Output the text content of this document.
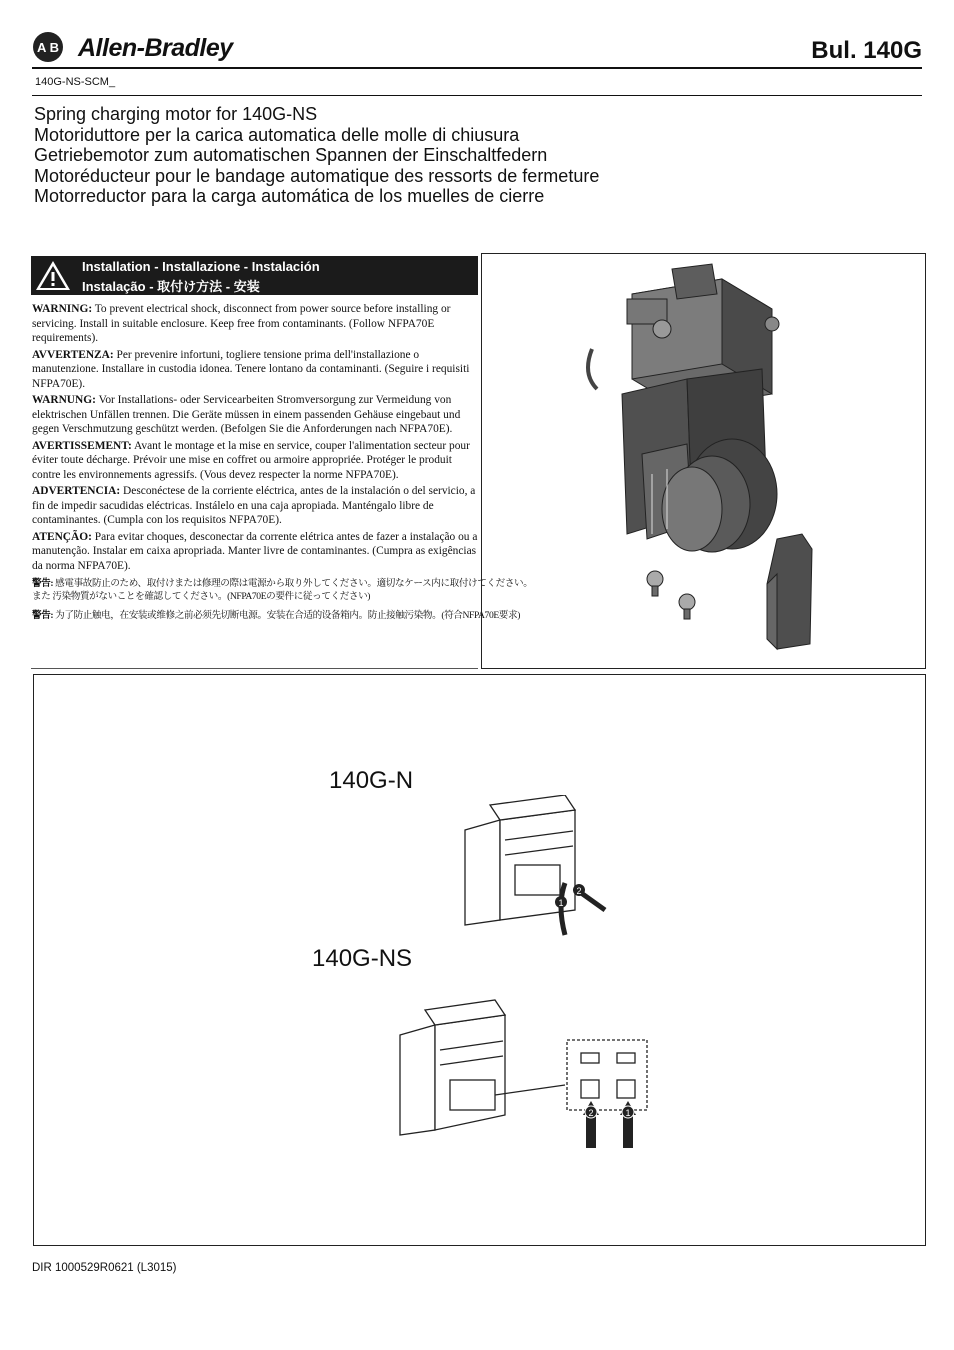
A B Allen-Bradley	Bul. 140G
140G-NS-SCM_
Spring charging motor for 140G-NS
Motoriduttore per la carica automatica delle molle di chiusura
Getriebemotor zum automatischen Spannen der Einschaltfedern
Motoréducteur pour le bandage automatique des ressorts de fermeture
Motorreductor para la carga automática de los muelles de cierre
Installation - Installazione - Instalación
Instalação - 取付け方法 - 安装

WARNING: To prevent electrical shock, disconnect from power source before installing or servicing. Install in suitable enclosure. Keep free from contaminants. (Follow NFPA70E requirements).

AVVERTENZA: Per prevenire infortuni, togliere tensione prima dell'installazione o manutenzione. Installare in custodia idonea. Tenere lontano da contaminanti. (Seguire i requisiti NFPA70E).

WARNUNG: Vor Installations- oder Servicearbeiten Stromversorgung zur Vermeidung von elektrischen Unfällen trennen. Die Geräte müssen in einem passenden Gehäuse eingebaut und gegen Verschmutzung geschützt werden. (Befolgen Sie die Anforderungen nach NFPA70E).

AVERTISSEMENT: Avant le montage et la mise en service, couper l'alimentation secteur pour éviter toute décharge. Prévoir une mise en coffret ou armoire appropriée. Protéger le produit contre les environnements agressifs. (Vous devez respecter la norme NFPA70E).

ADVERTENCIA: Desconéctese de la corriente eléctrica, antes de la instalación o del servicio, a fin de impedir sacudidas eléctricas. Instálelo en una caja apropiada. Manténgalo libre de contaminantes. (Cumpla con los requisitos NFPA70E).

ATENÇÃO: Para evitar choques, desconectar da corrente elétrica antes de fazer a instalação ou a manutenção. Instalar em caixa apropriada. Manter livre de contaminantes. (Cumpra as exigências da norma NFPA70E).

警告: 感電事故防止のため、取付けまたは修理の際は電源から取り外してください。適切なケース内に取付けてください。
また 汚染物質がないことを確認してください。(NFPA70Eの要件に従ってください)

警告: 为了防止触电，在安装或维修之前必须先切断电源。安装在合适的设备箱内。防止接触污染物。(符合NFPA70E要求)

140G-N
140G-NS
1
2
2	1
DIR 1000529R0621 (L3015)
